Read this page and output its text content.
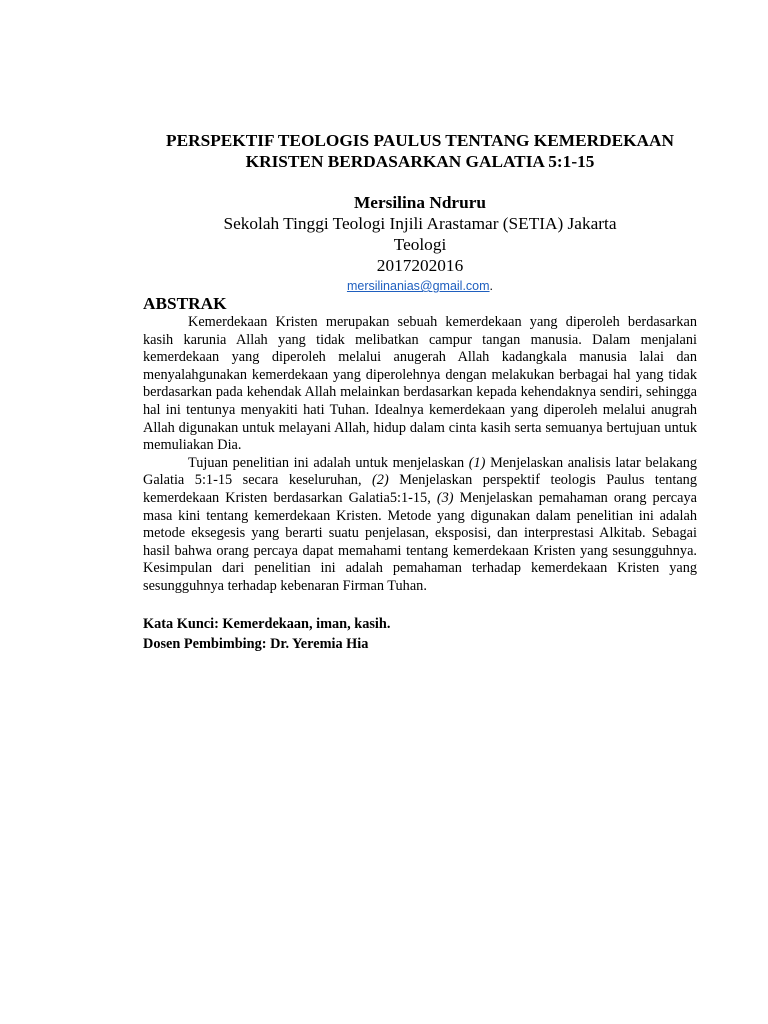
PERSPEKTIF TEOLOGIS PAULUS TENTANG KEMERDEKAAN
KRISTEN BERDASARKAN GALATIA 5:1-15

Mersilina Ndruru

Sekolah Tinggi Teologi Injili Arastamar (SETIA) Jakarta

Teologi

2017202016

mersilinanias@gmail.com.

ABSTRAK

Kemerdekaan Kristen merupakan sebuah kemerdekaan yang diperoleh berdasarkan kasih karunia Allah yang tidak melibatkan campur tangan manusia. Dalam menjalani kemerdekaan yang diperoleh melalui anugerah Allah kadangkala manusia lalai dan menyalahgunakan kemerdekaan yang diperolehnya dengan melakukan berbagai hal yang tidak berdasarkan pada kehendak Allah melainkan berdasarkan kepada kehendaknya sendiri, sehingga hal ini tentunya menyakiti hati Tuhan. Idealnya kemerdekaan yang diperoleh melalui anugrah Allah digunakan untuk melayani Allah, hidup dalam cinta kasih serta semuanya bertujuan untuk memuliakan Dia.

Tujuan penelitian ini adalah untuk menjelaskan (1) Menjelaskan analisis latar belakang Galatia 5:1-15 secara keseluruhan, (2) Menjelaskan perspektif teologis Paulus tentang kemerdekaan Kristen berdasarkan Galatia5:1-15, (3) Menjelaskan pemahaman orang percaya masa kini tentang kemerdekaan Kristen. Metode yang digunakan dalam penelitian ini adalah metode eksegesis yang berarti suatu penjelasan, eksposisi, dan interprestasi Alkitab. Sebagai hasil bahwa orang percaya dapat memahami tentang kemerdekaan Kristen yang sesungguhnya. Kesimpulan dari penelitian ini adalah pemahaman terhadap kemerdekaan Kristen yang sesungguhnya terhadap kebenaran Firman Tuhan.

Kata Kunci: Kemerdekaan, iman, kasih.
Dosen Pembimbing: Dr. Yeremia Hia
